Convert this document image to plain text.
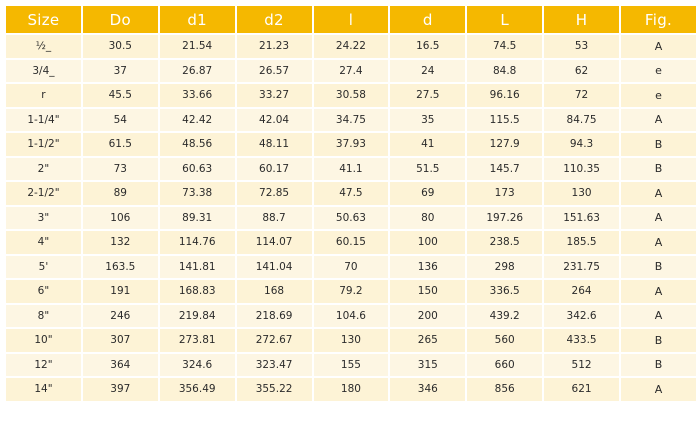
Size	Do	d1	d2	l	d	L	H	Fig.
½_	30.5	21.54	21.23	24.22	16.5	74.5	53	A
3/4_	37	26.87	26.57	27.4	24	84.8	62	e
r	45.5	33.66	33.27	30.58	27.5	96.16	72	e
1-1/4"	54	42.42	42.04	34.75	35	115.5	84.75	A
1-1/2"	61.5	48.56	48.11	37.93	41	127.9	94.3	B
2"	73	60.63	60.17	41.1	51.5	145.7	110.35	B
2-1/2"	89	73.38	72.85	47.5	69	173	130	A
3"	106	89.31	88.7	50.63	80	197.26	151.63	A
4"	132	114.76	114.07	60.15	100	238.5	185.5	A
5'	163.5	141.81	141.04	70	136	298	231.75	B
6"	191	168.83	168	79.2	150	336.5	264	A
8"	246	219.84	218.69	104.6	200	439.2	342.6	A
10"	307	273.81	272.67	130	265	560	433.5	B
12"	364	324.6	323.47	155	315	660	512	B
14"	397	356.49	355.22	180	346	856	621	A
